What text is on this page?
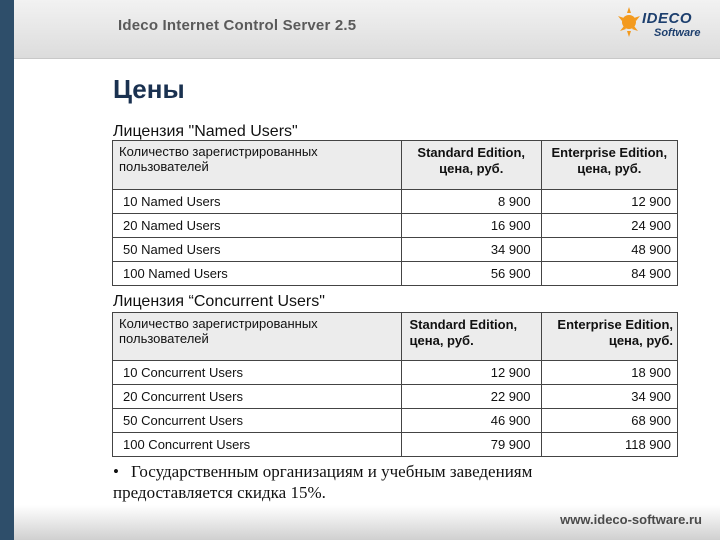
Ideco Internet Control Server 2.5	IDECO
Software
Цены
Лицензия "Named Users"
Количество зарегистрированных пользователей	Standard Edition, цена, руб.	Enterprise Edition, цена, руб.
10 Named Users	8 900	12 900
20 Named Users	16 900	24 900
50 Named Users	34 900	48 900
100 Named Users	56 900	84 900
Лицензия “Concurrent Users"
Количество зарегистрированных пользователей	Standard Edition, цена, руб.	Enterprise Edition, цена, руб.
10 Concurrent Users	12 900	18 900
20 Concurrent Users	22 900	34 900
50 Concurrent Users	46 900	68 900
100 Concurrent Users	79 900	118 900
• Государственным организациям и учебным заведениям предоставляется скидка 15%.
www.ideco-software.ru
